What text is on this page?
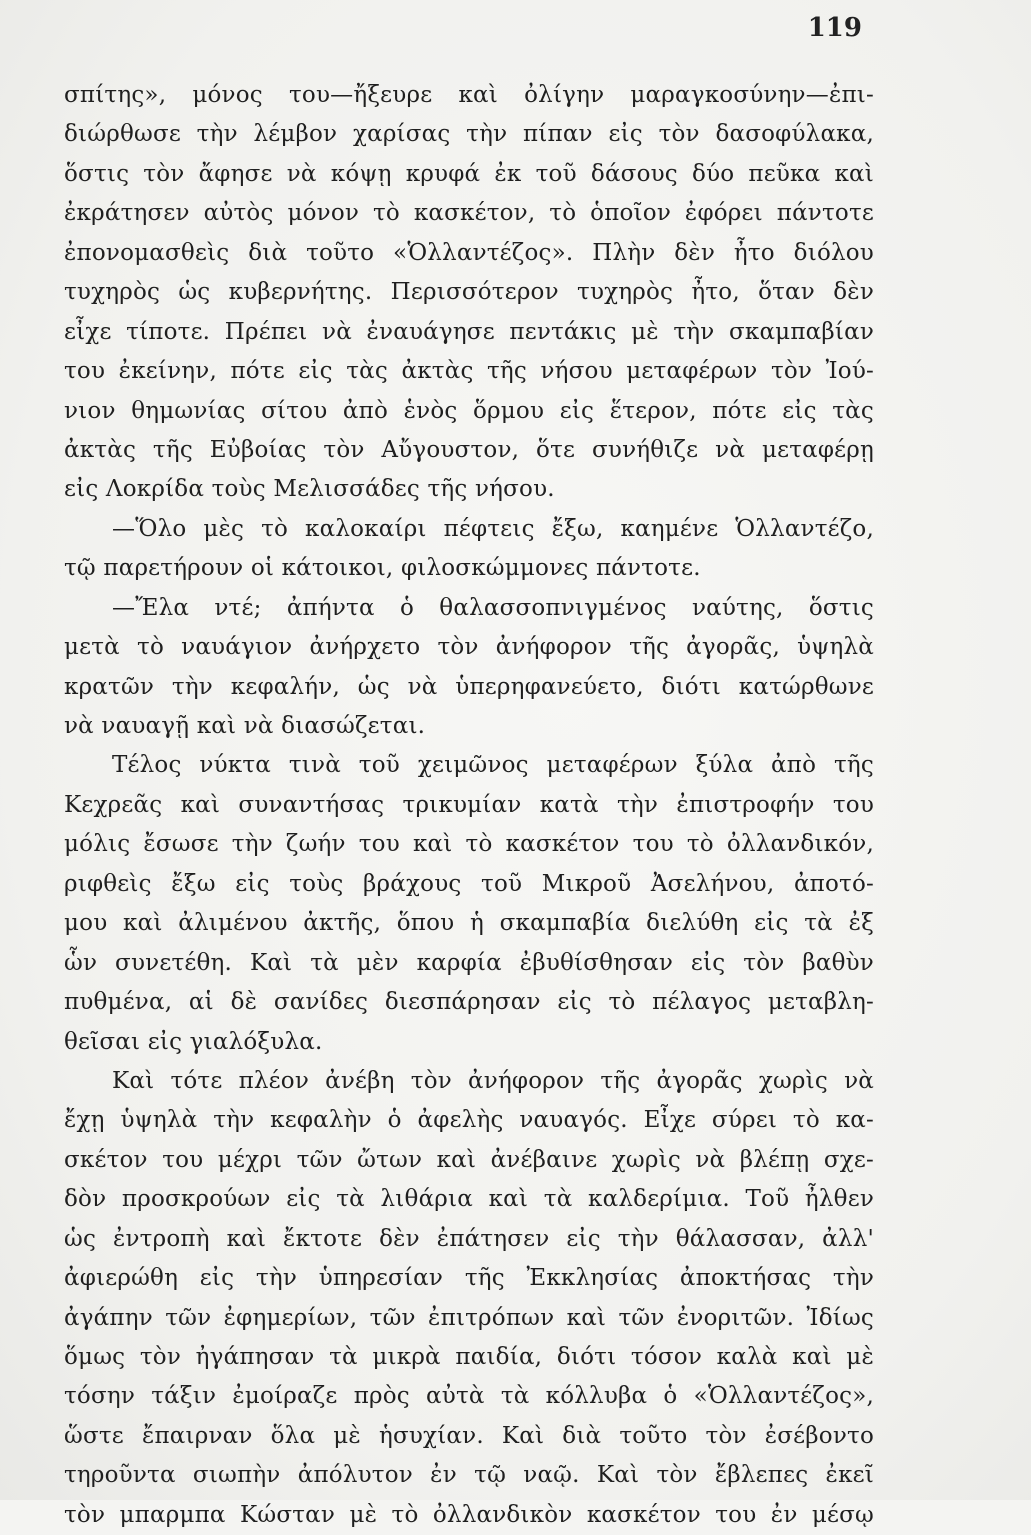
119
σπίτης», μόνος του—ἤξευρε καὶ ὀλίγην μαραγκοσύνην—ἐπι-
διώρθωσε τὴν λέμβον χαρίσας τὴν πίπαν εἰς τὸν δασοφύλακα,
ὅστις τὸν ἄφησε νὰ κόψῃ κρυφά ἐκ τοῦ δάσους δύο πεῦκα καὶ
ἐκράτησεν αὐτὸς μόνον τὸ κασκέτον, τὸ ὁποῖον ἐφόρει πάντοτε
ἐπονομασθεὶς διὰ τοῦτο «Ὁλλαντέζος». Πλὴν δὲν ἦτο διόλου
τυχηρὸς ὡς κυβερνήτης. Περισσότερον τυχηρὸς ἦτο, ὅταν δὲν
εἶχε τίποτε. Πρέπει νὰ ἐναυάγησε πεντάκις μὲ τὴν σκαμπαβίαν
του ἐκείνην, πότε εἰς τὰς ἀκτὰς τῆς νήσου μεταφέρων τὸν Ἰού-
νιον θημωνίας σίτου ἀπὸ ἑνὸς ὅρμου εἰς ἕτερον, πότε εἰς τὰς
ἀκτὰς τῆς Εὐβοίας τὸν Αὔγουστον, ὅτε συνήθιζε νὰ μεταφέρῃ
εἰς Λοκρίδα τοὺς Μελισσάδες τῆς νήσου.
—Ὅλο μὲς τὸ καλοκαίρι πέφτεις ἔξω, καημένε Ὁλλαντέζο,
τῷ παρετήρουν οἱ κάτοικοι, φιλοσκώμμονες πάντοτε.
—Ἔλα ντέ; ἀπήντα ὁ θαλασσοπνιγμένος ναύτης, ὅστις
μετὰ τὸ ναυάγιον ἀνήρχετο τὸν ἀνήφορον τῆς ἀγορᾶς, ὑψηλὰ
κρατῶν τὴν κεφαλήν, ὡς νὰ ὑπερηφανεύετο, διότι κατώρθωνε
νὰ ναυαγῇ καὶ νὰ διασώζεται.
Τέλος νύκτα τινὰ τοῦ χειμῶνος μεταφέρων ξύλα ἀπὸ τῆς
Κεχρεᾶς καὶ συναντήσας τρικυμίαν κατὰ τὴν ἐπιστροφήν του
μόλις ἔσωσε τὴν ζωήν του καὶ τὸ κασκέτον του τὸ ὀλλανδικόν,
ριφθεὶς ἔξω εἰς τοὺς βράχους τοῦ Μικροῦ Ἀσελήνου, ἀποτό-
μου καὶ ἀλιμένου ἀκτῆς, ὅπου ἡ σκαμπαβία διελύθη εἰς τὰ ἐξ
ὧν συνετέθη. Καὶ τὰ μὲν καρφία ἐβυθίσθησαν εἰς τὸν βαθὺν
πυθμένα, αἱ δὲ σανίδες διεσπάρησαν εἰς τὸ πέλαγος μεταβλη-
θεῖσαι εἰς γιαλόξυλα.
Καὶ τότε πλέον ἀνέβη τὸν ἀνήφορον τῆς ἀγορᾶς χωρὶς νὰ
ἔχῃ ὑψηλὰ τὴν κεφαλὴν ὁ ἀφελὴς ναυαγός. Εἶχε σύρει τὸ κα-
σκέτον του μέχρι τῶν ὤτων καὶ ἀνέβαινε χωρὶς νὰ βλέπῃ σχε-
δὸν προσκρούων εἰς τὰ λιθάρια καὶ τὰ καλδερίμια. Τοῦ ἦλθεν
ὡς ἐντροπὴ καὶ ἔκτοτε δὲν ἐπάτησεν εἰς τὴν θάλασσαν, ἀλλ'
ἀφιερώθη εἰς τὴν ὑπηρεσίαν τῆς Ἐκκλησίας ἀποκτήσας τὴν
ἀγάπην τῶν ἐφημερίων, τῶν ἐπιτρόπων καὶ τῶν ἐνοριτῶν. Ἰδίως
ὅμως τὸν ἠγάπησαν τὰ μικρὰ παιδία, διότι τόσον καλὰ καὶ μὲ
τόσην τάξιν ἐμοίραζε πρὸς αὐτὰ τὰ κόλλυβα ὁ «Ὁλλαντέζος»,
ὥστε ἔπαιρναν ὅλα μὲ ἡσυχίαν. Καὶ διὰ τοῦτο τὸν ἐσέβοντο
τηροῦντα σιωπὴν ἀπόλυτον ἐν τῷ ναῷ. Καὶ τὸν ἔβλεπες ἐκεῖ
τὸν μπαρμπα Κώσταν μὲ τὸ ὀλλανδικὸν κασκέτον του ἐν μέσῳ
